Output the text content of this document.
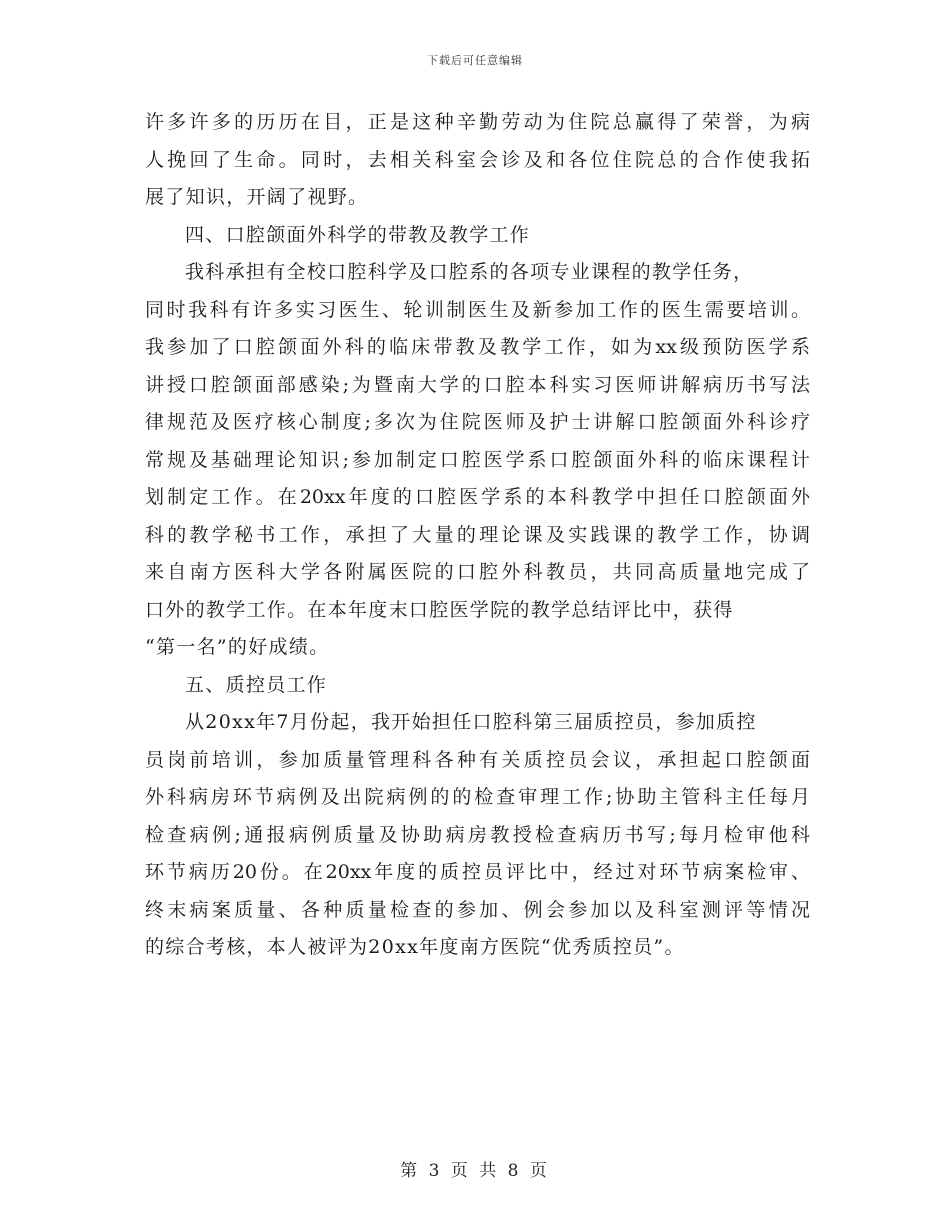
下载后可任意编辑
许多许多的历历在目，正是这种辛勤劳动为住院总赢得了荣誉，为病
人挽回了生命。同时，去相关科室会诊及和各位住院总的合作使我拓
展了知识，开阔了视野。
四、口腔颌面外科学的带教及教学工作
我科承担有全校口腔科学及口腔系的各项专业课程的教学任务，
同时我科有许多实习医生、轮训制医生及新参加工作的医生需要培训。
我参加了口腔颌面外科的临床带教及教学工作，如为xx级预防医学系
讲授口腔颌面部感染;为暨南大学的口腔本科实习医师讲解病历书写法
律规范及医疗核心制度;多次为住院医师及护士讲解口腔颌面外科诊疗
常规及基础理论知识;参加制定口腔医学系口腔颌面外科的临床课程计
划制定工作。在20xx年度的口腔医学系的本科教学中担任口腔颌面外
科的教学秘书工作，承担了大量的理论课及实践课的教学工作，协调
来自南方医科大学各附属医院的口腔外科教员，共同高质量地完成了
口外的教学工作。在本年度末口腔医学院的教学总结评比中，获得
“第一名”的好成绩。
五、质控员工作
从20xx年7月份起，我开始担任口腔科第三届质控员，参加质控
员岗前培训，参加质量管理科各种有关质控员会议，承担起口腔颌面
外科病房环节病例及出院病例的的检查审理工作;协助主管科主任每月
检查病例;通报病例质量及协助病房教授检查病历书写;每月检审他科
环节病历20份。在20xx年度的质控员评比中，经过对环节病案检审、
终末病案质量、各种质量检查的参加、例会参加以及科室测评等情况
的综合考核，本人被评为20xx年度南方医院“优秀质控员”。
第 3 页 共 8 页
